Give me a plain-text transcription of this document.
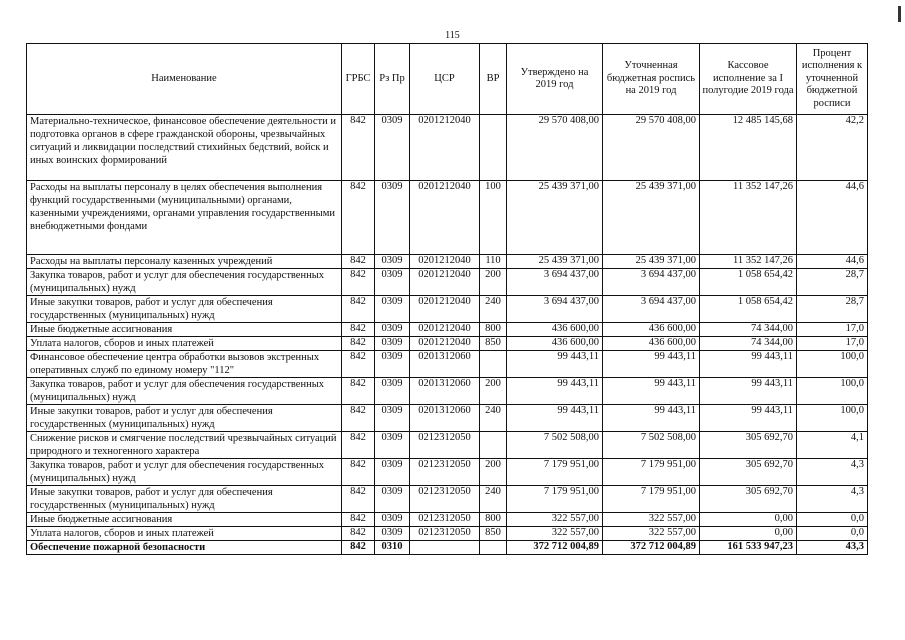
115
Наименование	ГРБС	Рз Пр	ЦСР	ВР	Утверждено на 2019 год	Уточненная бюджетная роспись на 2019 год	Кассовое исполнение за I полугодие 2019 года	Процент исполнения к уточненной бюджетной росписи
Материально-техническое, финансовое обеспечение деятельности и подготовка органов в сфере гражданской обороны, чрезвычайных ситуаций и ликвидации последствий стихийных бедствий, войск и иных воинских формирований	842	0309	0201212040		29 570 408,00	29 570 408,00	12 485 145,68	42,2
Расходы на выплаты персоналу в целях обеспечения выполнения функций государственными (муниципальными) органами, казенными учреждениями, органами управления государственными внебюджетными фондами	842	0309	0201212040	100	25 439 371,00	25 439 371,00	11 352 147,26	44,6
Расходы на выплаты персоналу казенных учреждений	842	0309	0201212040	110	25 439 371,00	25 439 371,00	11 352 147,26	44,6
Закупка товаров, работ и услуг для обеспечения государственных (муниципальных) нужд	842	0309	0201212040	200	3 694 437,00	3 694 437,00	1 058 654,42	28,7
Иные закупки товаров, работ и услуг для обеспечения государственных (муниципальных) нужд	842	0309	0201212040	240	3 694 437,00	3 694 437,00	1 058 654,42	28,7
Иные бюджетные ассигнования	842	0309	0201212040	800	436 600,00	436 600,00	74 344,00	17,0
Уплата налогов, сборов и иных платежей	842	0309	0201212040	850	436 600,00	436 600,00	74 344,00	17,0
Финансовое обеспечение центра обработки вызовов экстренных оперативных служб по единому номеру "112"	842	0309	0201312060		99 443,11	99 443,11	99 443,11	100,0
Закупка товаров, работ и услуг для обеспечения государственных (муниципальных) нужд	842	0309	0201312060	200	99 443,11	99 443,11	99 443,11	100,0
Иные закупки товаров, работ и услуг для обеспечения государственных (муниципальных) нужд	842	0309	0201312060	240	99 443,11	99 443,11	99 443,11	100,0
Снижение рисков и смягчение последствий чрезвычайных ситуаций природного и техногенного характера	842	0309	0212312050		7 502 508,00	7 502 508,00	305 692,70	4,1
Закупка товаров, работ и услуг для обеспечения государственных (муниципальных) нужд	842	0309	0212312050	200	7 179 951,00	7 179 951,00	305 692,70	4,3
Иные закупки товаров, работ и услуг для обеспечения государственных (муниципальных) нужд	842	0309	0212312050	240	7 179 951,00	7 179 951,00	305 692,70	4,3
Иные бюджетные ассигнования	842	0309	0212312050	800	322 557,00	322 557,00	0,00	0,0
Уплата налогов, сборов и иных платежей	842	0309	0212312050	850	322 557,00	322 557,00	0,00	0,0
Обеспечение пожарной безопасности	842	0310			372 712 004,89	372 712 004,89	161 533 947,23	43,3
